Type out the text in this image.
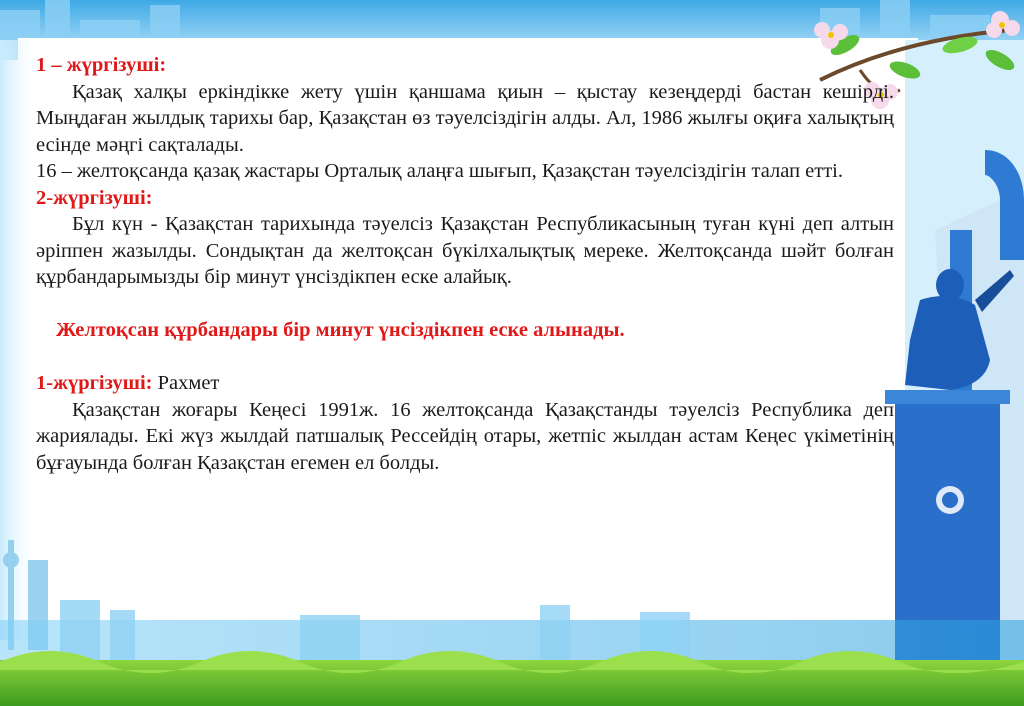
1 – жүргізуші:

Қазақ халқы еркіндікке жету үшін қаншама қиын – қыстау кезеңдерді бастан кешірді. Мыңдаған жылдық тарихы бар, Қазақстан өз тәуелсіздігін алды. Ал, 1986 жылғы оқиға халықтың есінде мәңгі сақталады.

16 – желтоқсанда қазақ жастары Орталық алаңға шығып, Қазақстан тәуелсіздігін талап етті.

2-жүргізуші:

Бұл күн - Қазақстан тарихында тәуелсіз Қазақстан Республикасының туған күні деп алтын әріппен жазылды. Сондықтан да желтоқсан бүкілхалықтық мереке. Желтоқсанда шәйт болған құрбандарымызды бір минут үнсіздікпен еске алайық.

Желтоқсан құрбандары бір минут үнсіздікпен еске алынады.

1-жүргізуші: Рахмет

Қазақстан жоғары Кеңесі 1991ж. 16 желтоқсанда Қазақстанды тәуелсіз Республика деп жариялады. Екі жүз жылдай патшалық Рессейдің отары, жетпіс жылдан астам Кеңес үкіметінің бұғауында болған Қазақстан егемен ел болды.
